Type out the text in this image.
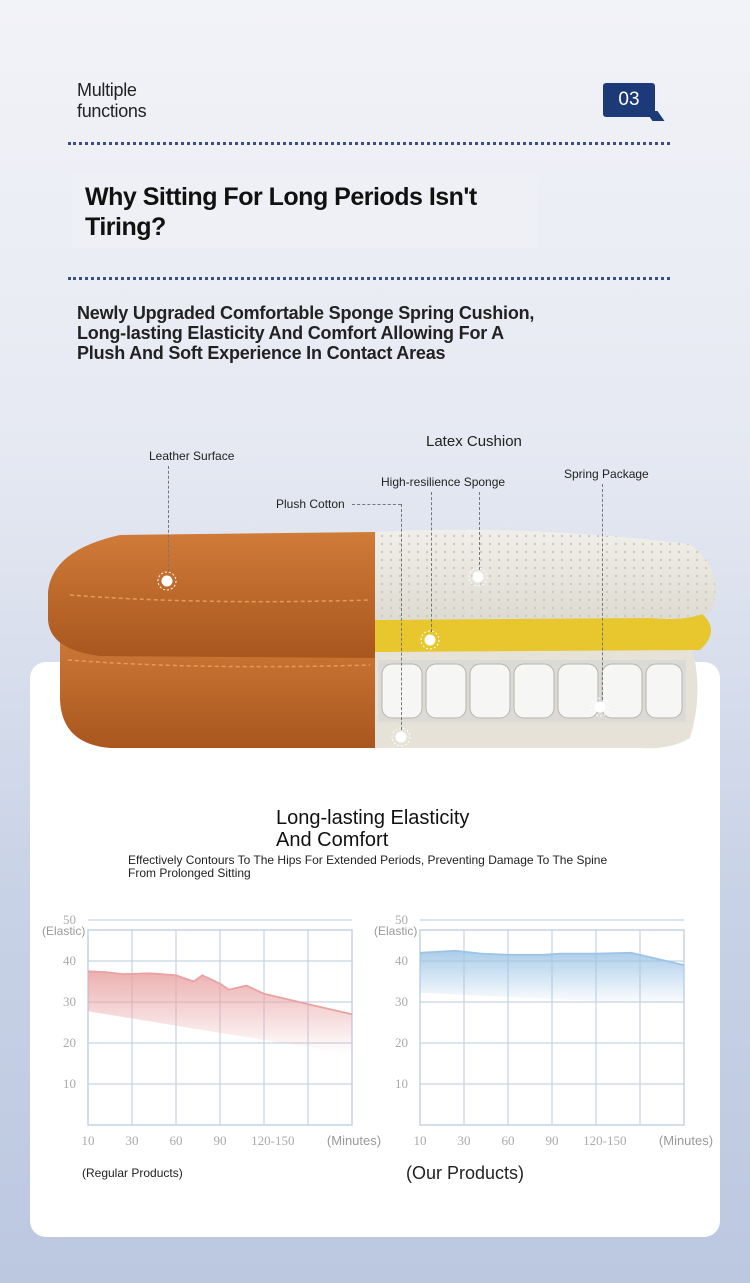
Multiple
functions
03
Why Sitting For Long Periods Isn't Tiring?
Newly Upgraded Comfortable Sponge Spring Cushion, Long-lasting Elasticity And Comfort Allowing For A Plush And Soft Experience In Contact Areas
Leather Surface
Latex Cushion
High-resilience Sponge
Spring Package
Plush Cotton
Long-lasting Elasticity
And Comfort
Effectively Contours To The Hips For Extended Periods, Preventing Damage To The Spine From Prolonged Sitting
10
20
30
40
50
(Elastic)
10 30 60 90 120-150 (Minutes)
10
20
30
40
50
(Elastic)
10 30 60 90 120-150 (Minutes)
(Regular Products)	(Our Products)
